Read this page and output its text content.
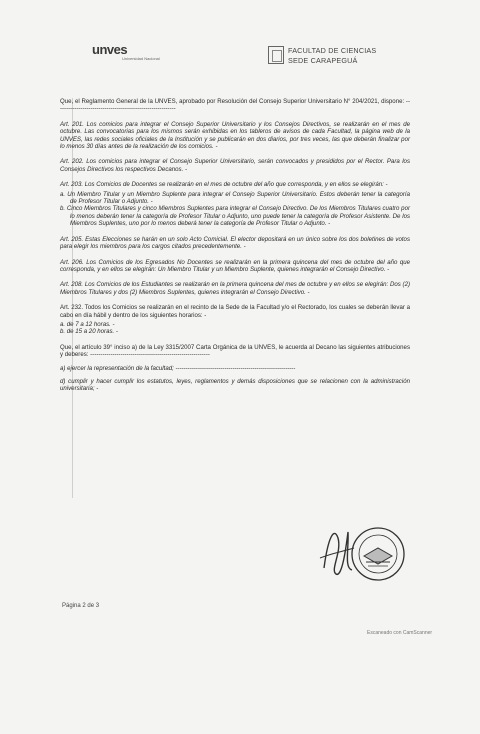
unves
Universidad Nacional
FACULTAD DE CIENCIAS
SEDE CARAPEGUÁ

Que, el Reglamento General de la UNVES, aprobado por Resolución del Consejo Superior Universitario N° 204/2021, dispone: -----------------------------------------------------------

Art. 201. Los comicios para integrar el Consejo Superior Universitario y los Consejos Directivos, se realizarán en el mes de octubre. Las convocatorias para los mismos serán exhibidas en los tableros de avisos de cada Facultad, la página web de la UNVES, las redes sociales oficiales de la Institución y se publicarán en dos diarios, por tres veces, las que deberán finalizar por lo menos 30 días antes de la realización de los comicios. -

Art. 202. Los comicios para integrar el Consejo Superior Universitario, serán convocados y presididos por el Rector. Para los Consejos Directivos los respectivos Decanos. -

Art. 203. Los Comicios de Docentes se realizarán en el mes de octubre del año que corresponda, y en ellos se elegirán: -

a. Un Miembro Titular y un Miembro Suplente para integrar el Consejo Superior Universitario. Estos deberán tener la categoría de Profesor Titular o Adjunto. -
b. Cinco Miembros Titulares y cinco Miembros Suplentes para integrar el Consejo Directivo. De los Miembros Titulares cuatro por lo menos deberán tener la categoría de Profesor Titular o Adjunto, uno puede tener la categoría de Profesor Asistente. De los Miembros Suplentes, uno por lo menos deberá tener la categoría de Profesor Titular o Adjunto. -

Art. 205. Estas Elecciones se harán en un solo Acto Comicial. El elector depositará en un único sobre los dos boletines de votos para elegir los miembros para los cargos citados precedentemente. -

Art. 206. Los Comicios de los Egresados No Docentes se realizarán en la primera quincena del mes de octubre del año que corresponda, y en ellos se elegirán: Un Miembro Titular y un Miembro Suplente, quienes integrarán el Consejo Directivo. -

Art. 208. Los Comicios de los Estudiantes se realizarán en la primera quincena del mes de octubre y en ellos se elegirán: Dos (2) Miembros Titulares y dos (2) Miembros Suplentes, quienes integrarán el Consejo Directivo. -

Art. 232. Todos los Comicios se realizarán en el recinto de la Sede de la Facultad y/o el Rectorado, los cuales se deberán llevar a cabo en día hábil y dentro de los siguientes horarios: -

a. de 7 a 12 horas. -
b. de 15 a 20 horas. -

Que, el artículo 39° inciso a) de la Ley 3315/2007 Carta Orgánica de la UNVES, le acuerda al Decano las siguientes atribuciones y deberes: -----------------------------------------------------------

a) ejercer la representación de la facultad; -----------------------------------------------------------

d) cumplir y hacer cumplir los estatutos, leyes, reglamentos y demás disposiciones que se relacionen con la administración universitaria; -

Página 2 de 3
Escaneado con CamScanner
